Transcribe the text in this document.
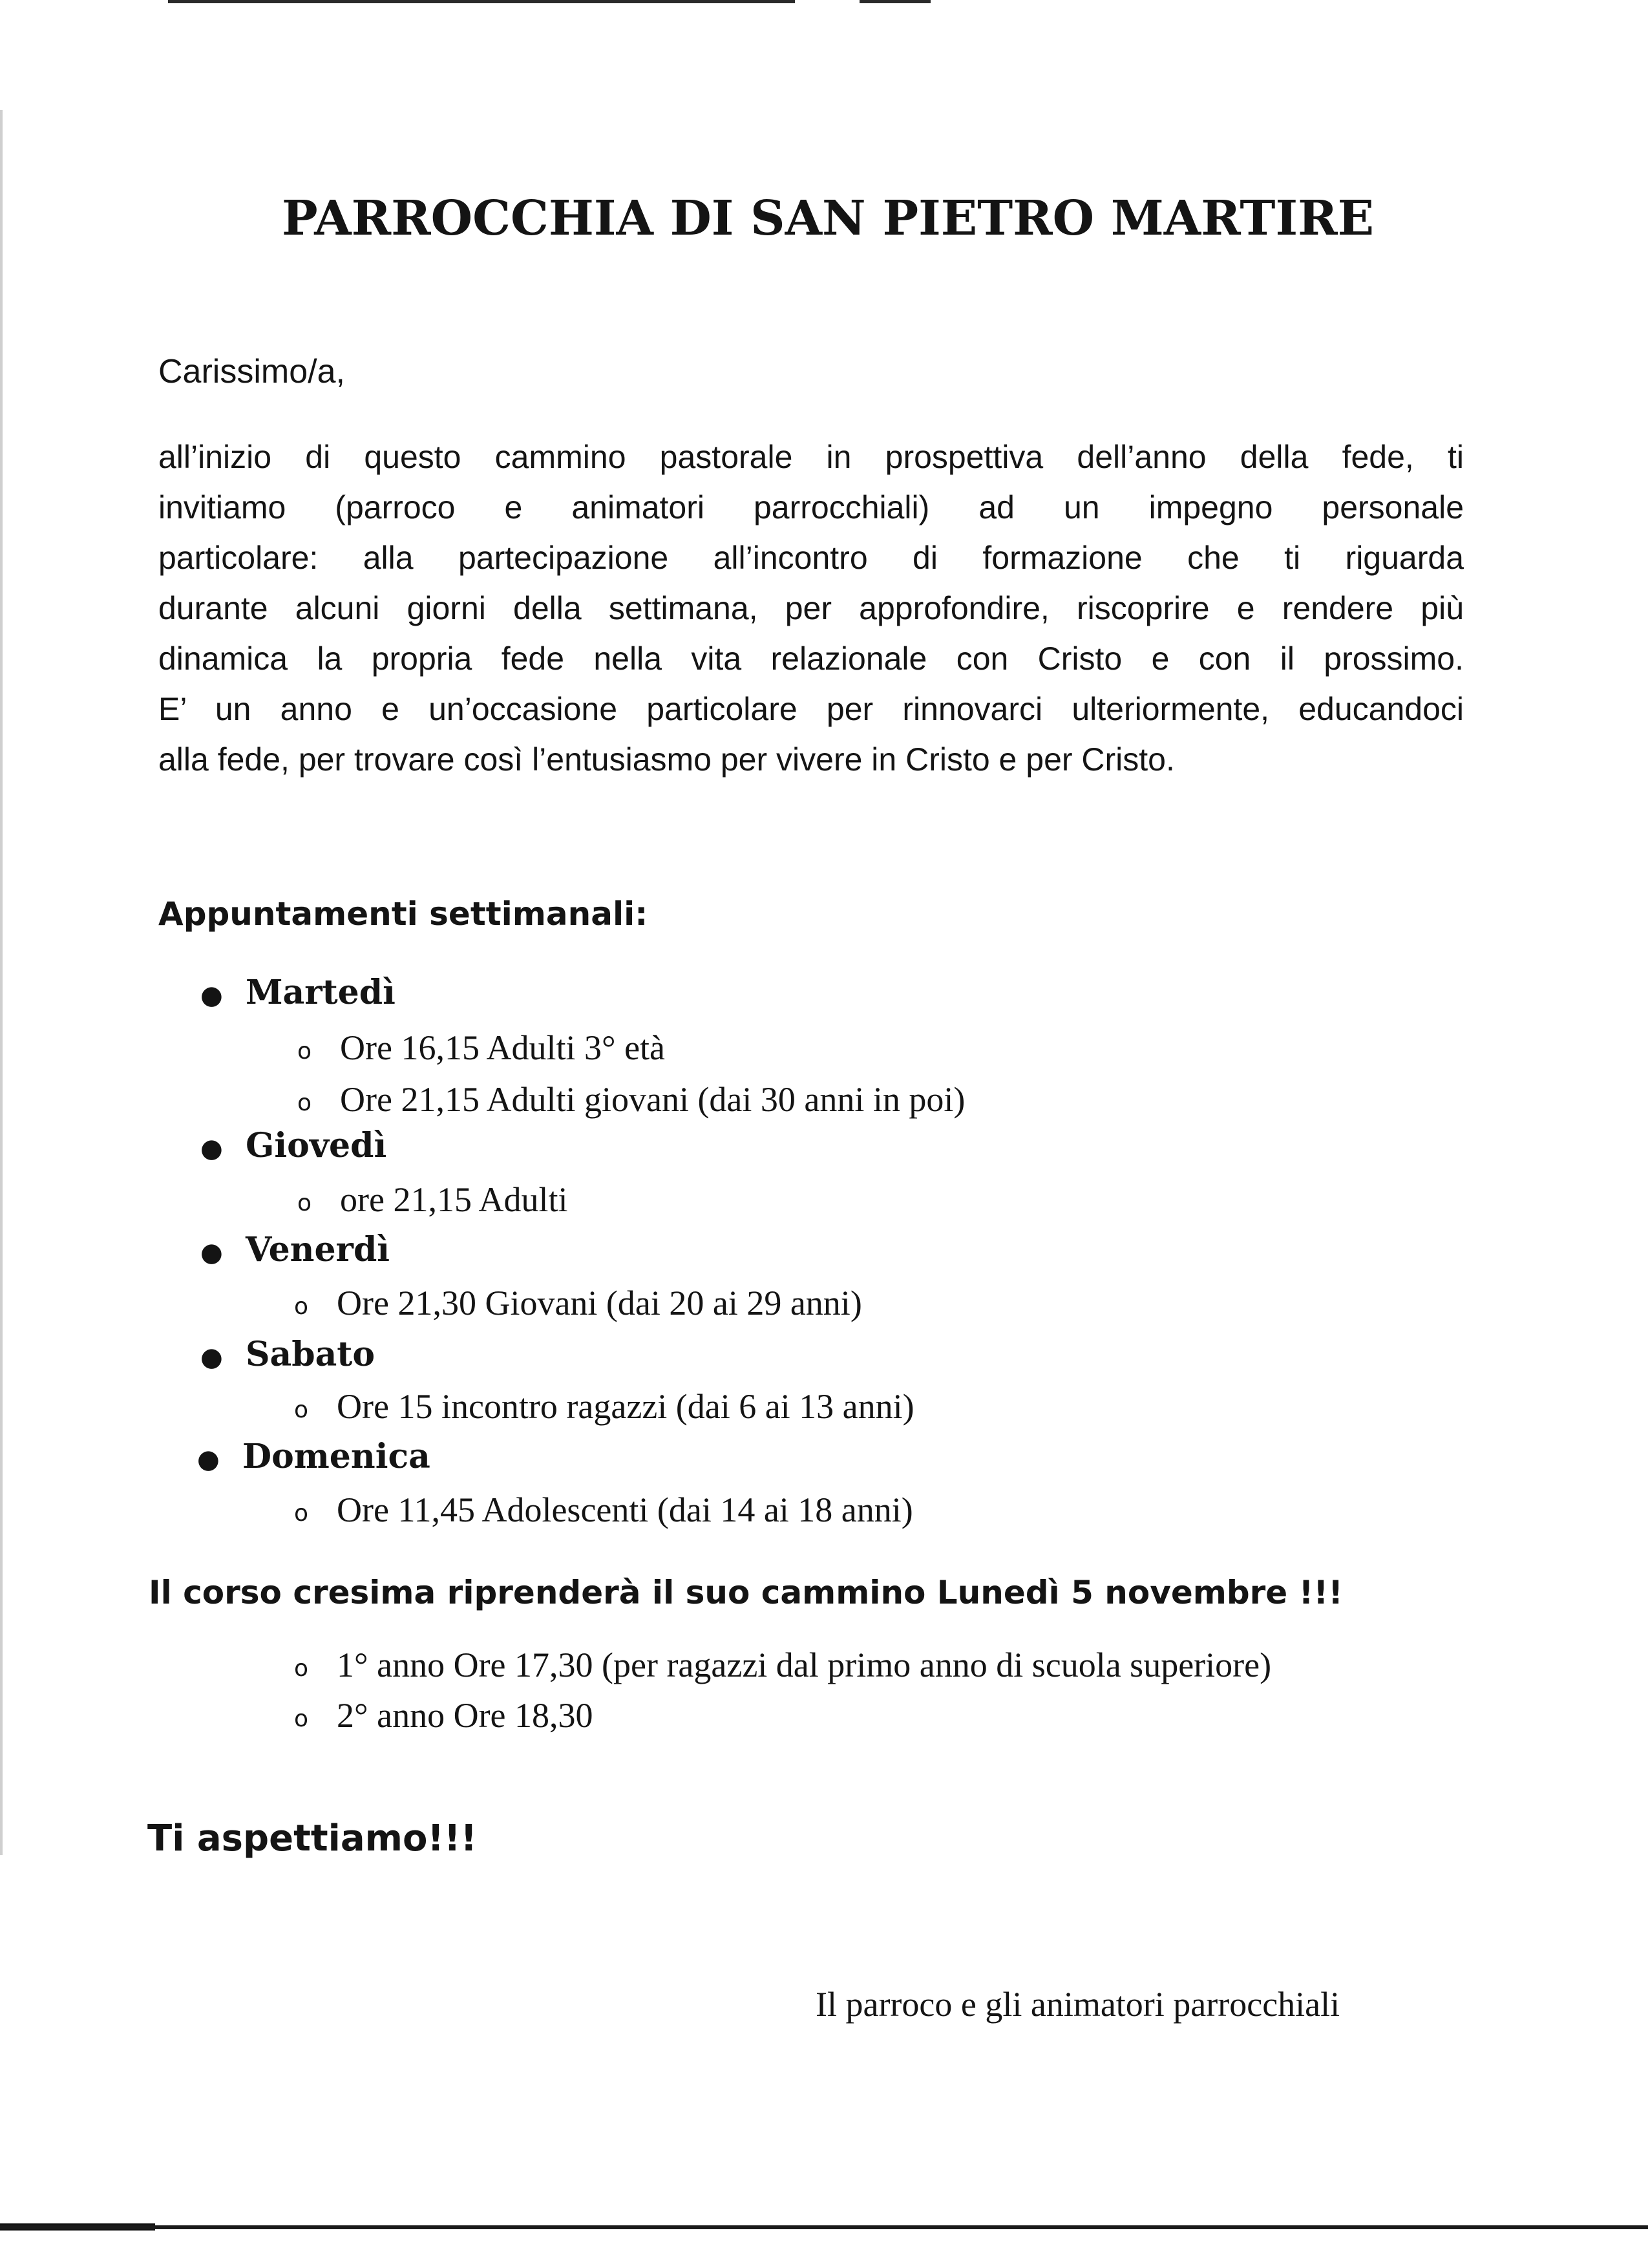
PARROCCHIA DI SAN PIETRO MARTIRE
Carissimo/a,
all’inizio di questo cammino pastorale in prospettiva dell’anno della fede, ti
invitiamo (parroco e animatori parrocchiali) ad un impegno personale
particolare: alla partecipazione all’incontro di formazione che ti riguarda
durante alcuni giorni della settimana, per approfondire, riscoprire e rendere più
dinamica la propria fede nella vita relazionale con Cristo e con il prossimo.
E’ un anno e un’occasione particolare per rinnovarci ulteriormente, educandoci
alla fede, per trovare così l’entusiasmo per vivere in Cristo e per Cristo.
Appuntamenti settimanali:
● Martedì
o Ore 16,15 Adulti 3° età
o Ore 21,15 Adulti giovani (dai 30 anni in poi)
● Giovedì
o ore 21,15 Adulti
● Venerdì
o Ore 21,30 Giovani (dai 20 ai 29 anni)
● Sabato
o Ore 15 incontro ragazzi (dai 6 ai 13 anni)
● Domenica
o Ore 11,45 Adolescenti (dai 14 ai 18 anni)
Il corso cresima riprenderà il suo cammino Lunedì 5 novembre !!!
o 1° anno Ore 17,30 (per ragazzi dal primo anno di scuola superiore)
o 2° anno Ore 18,30
Ti aspettiamo!!!
Il parroco e gli animatori parrocchiali
